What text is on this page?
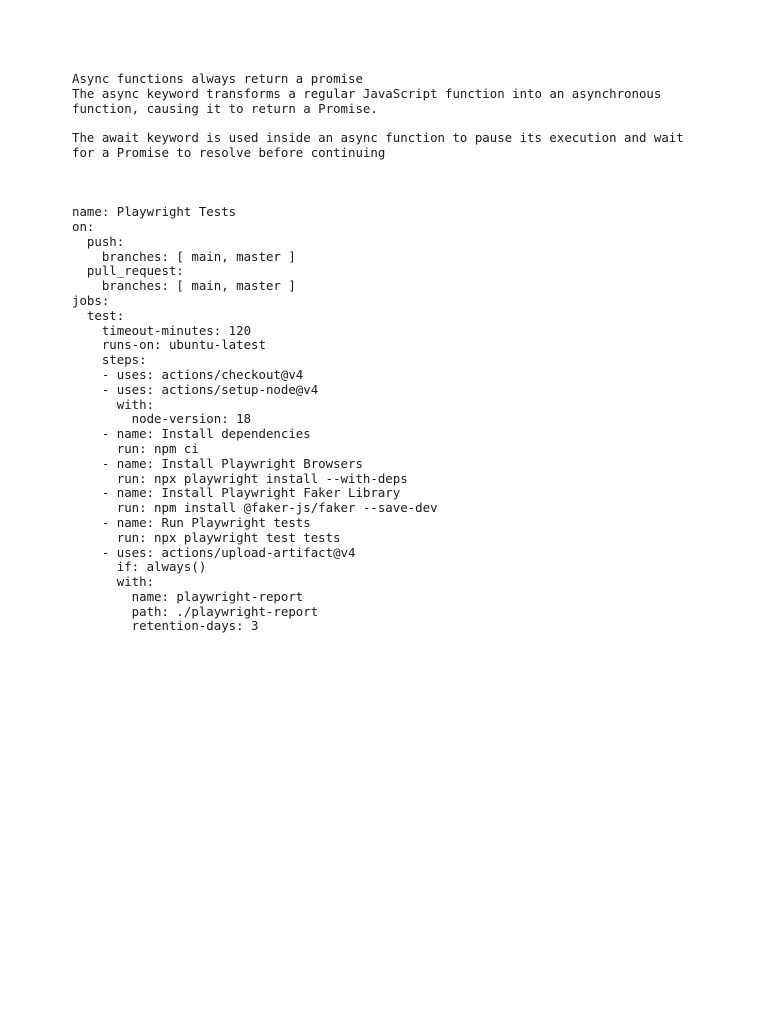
Async functions always return a promise
The async keyword transforms a regular JavaScript function into an asynchronous
function, causing it to return a Promise.
The await keyword is used inside an async function to pause its execution and wait
for a Promise to resolve before continuing
name: Playwright Tests
on:
push:
branches: [ main, master ]
pull_request:
branches: [ main, master ]
jobs:
test:
timeout-minutes: 120
runs-on: ubuntu-latest
steps:
- uses: actions/checkout@v4
- uses: actions/setup-node@v4
with:
node-version: 18
- name: Install dependencies
run: npm ci
- name: Install Playwright Browsers
run: npx playwright install --with-deps
- name: Install Playwright Faker Library
run: npm install @faker-js/faker --save-dev
- name: Run Playwright tests
run: npx playwright test tests
- uses: actions/upload-artifact@v4
if: always()
with:
name: playwright-report
path: ./playwright-report
retention-days: 3
